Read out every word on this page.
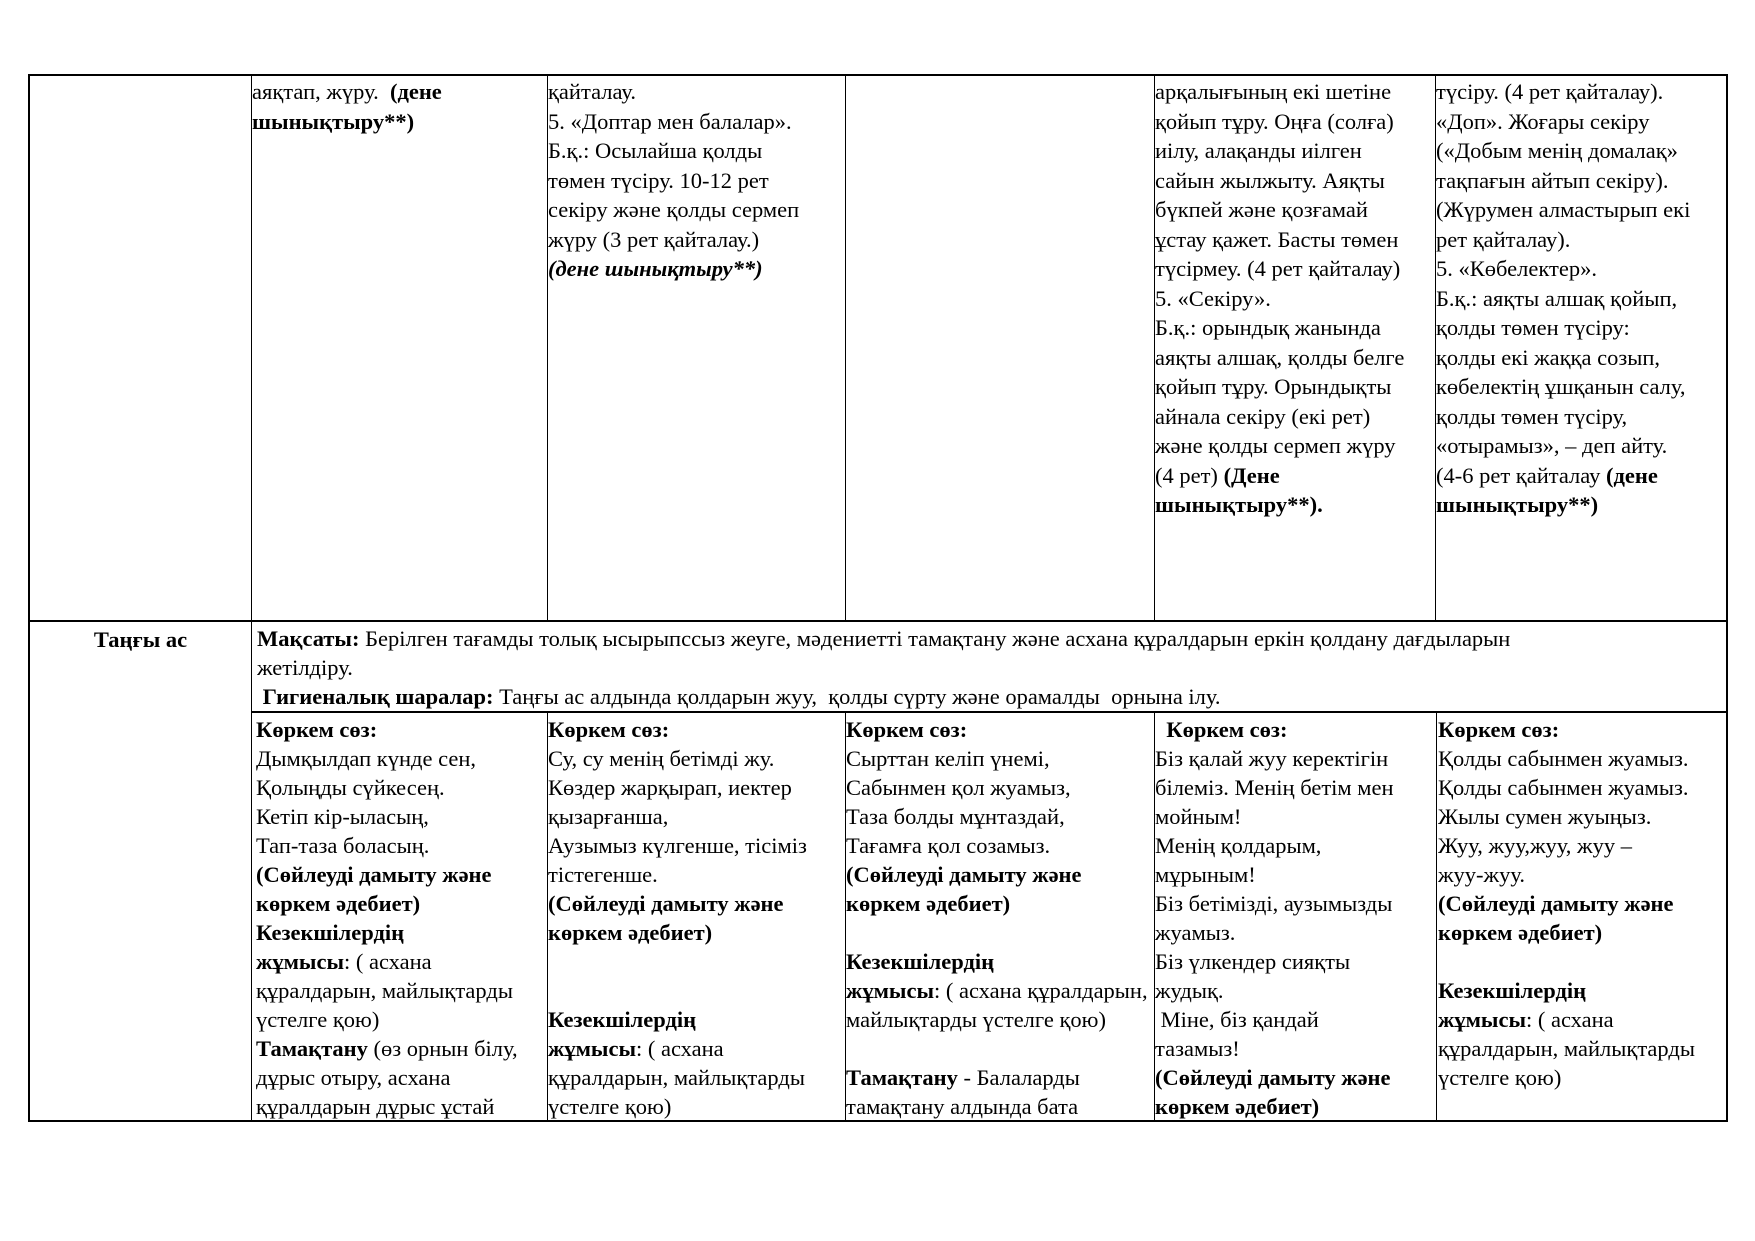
аяқтап, жүру.  (дене
шынықтыру**)
қайталау.
5. «Доптар мен балалар».
Б.қ.: Осылайша қолды
төмен түсіру. 10-12 рет
секіру және қолды сермеп
жүру (3 рет қайталау.)
(дене шынықтыру**)
арқалығының екі шетіне
қойып тұру. Оңға (солға)
иілу, алақанды иілген
сайын жылжыту. Аяқты
бүкпей және қозғамай
ұстау қажет. Басты төмен
түсірмеу. (4 рет қайталау)
5. «Секіру».
Б.қ.: орындық жанында
аяқты алшақ, қолды белге
қойып тұру. Орындықты
айнала секіру (екі рет)
және қолды сермеп жүру
(4 рет) (Дене
шынықтыру**).
түсіру. (4 рет қайталау).
«Доп». Жоғары секіру
(«Добым менің домалақ»
тақпағын айтып секіру).
(Жүрумен алмастырып екі
рет қайталау).
5. «Көбелектер».
Б.қ.: аяқты алшақ қойып,
қолды төмен түсіру:
қолды екі жаққа созып,
көбелектің ұшқанын салу,
қолды төмен түсіру,
«отырамыз», – деп айту.
(4-6 рет қайталау (дене
шынықтыру**)
Таңғы ас	Мақсаты: Берілген тағамды толық ысырыпссыз жеуге, мәдениетті тамақтану және асхана құралдарын еркін қолдану дағдыларын
жетілдіру.
Гигиеналық шаралар: Таңғы ас алдында қолдарын жуу,  қолды сүрту және орамалды  орнына ілу.
Көркем сөз:
Дымқылдап күнде сен,
Қолыңды сүйкесең.
Кетіп кір-ыласың,
Тап-таза боласың.
(Сөйлеуді дамыту және
көркем әдебиет)
Кезекшілердің
жұмысы: ( асхана
құралдарын, майлықтарды
үстелге қою)
Тамақтану (өз орнын білу,
дұрыс отыру, асхана
құралдарын дұрыс ұстай
Көркем сөз:
Су, су менің бетімді жу.
Көздер жарқырап, иектер
қызарғанша,
Аузымыз күлгенше, тісіміз
тістегенше.
(Сөйлеуді дамыту және
көркем әдебиет)
Кезекшілердің
жұмысы: ( асхана
құралдарын, майлықтарды
үстелге қою)
Көркем сөз:
Сырттан келіп үнемі,
Сабынмен қол жуамыз,
Таза болды мұнтаздай,
Тағамға қол созамыз.
(Сөйлеуді дамыту және
көркем әдебиет)
Кезекшілердің
жұмысы: ( асхана құралдарын,
майлықтарды үстелге қою)
Тамақтану - Балаларды
тамақтану алдында бата
Көркем сөз:
Біз қалай жуу керектігін
білеміз. Менің бетім мен
мойным!
Менің қолдарым,
мұрыным!
Біз бетімізді, аузымызды
жуамыз.
Біз үлкендер сияқты
жудық.
Міне, біз қандай
тазамыз!
(Сөйлеуді дамыту және
көркем әдебиет)
Көркем сөз:
Қолды сабынмен жуамыз.
Қолды сабынмен жуамыз.
Жылы сумен жуыңыз.
Жуу, жуу,жуу, жуу –
жуу-жуу.
(Сөйлеуді дамыту және
көркем әдебиет)
Кезекшілердің
жұмысы: ( асхана
құралдарын, майлықтарды
үстелге қою)
